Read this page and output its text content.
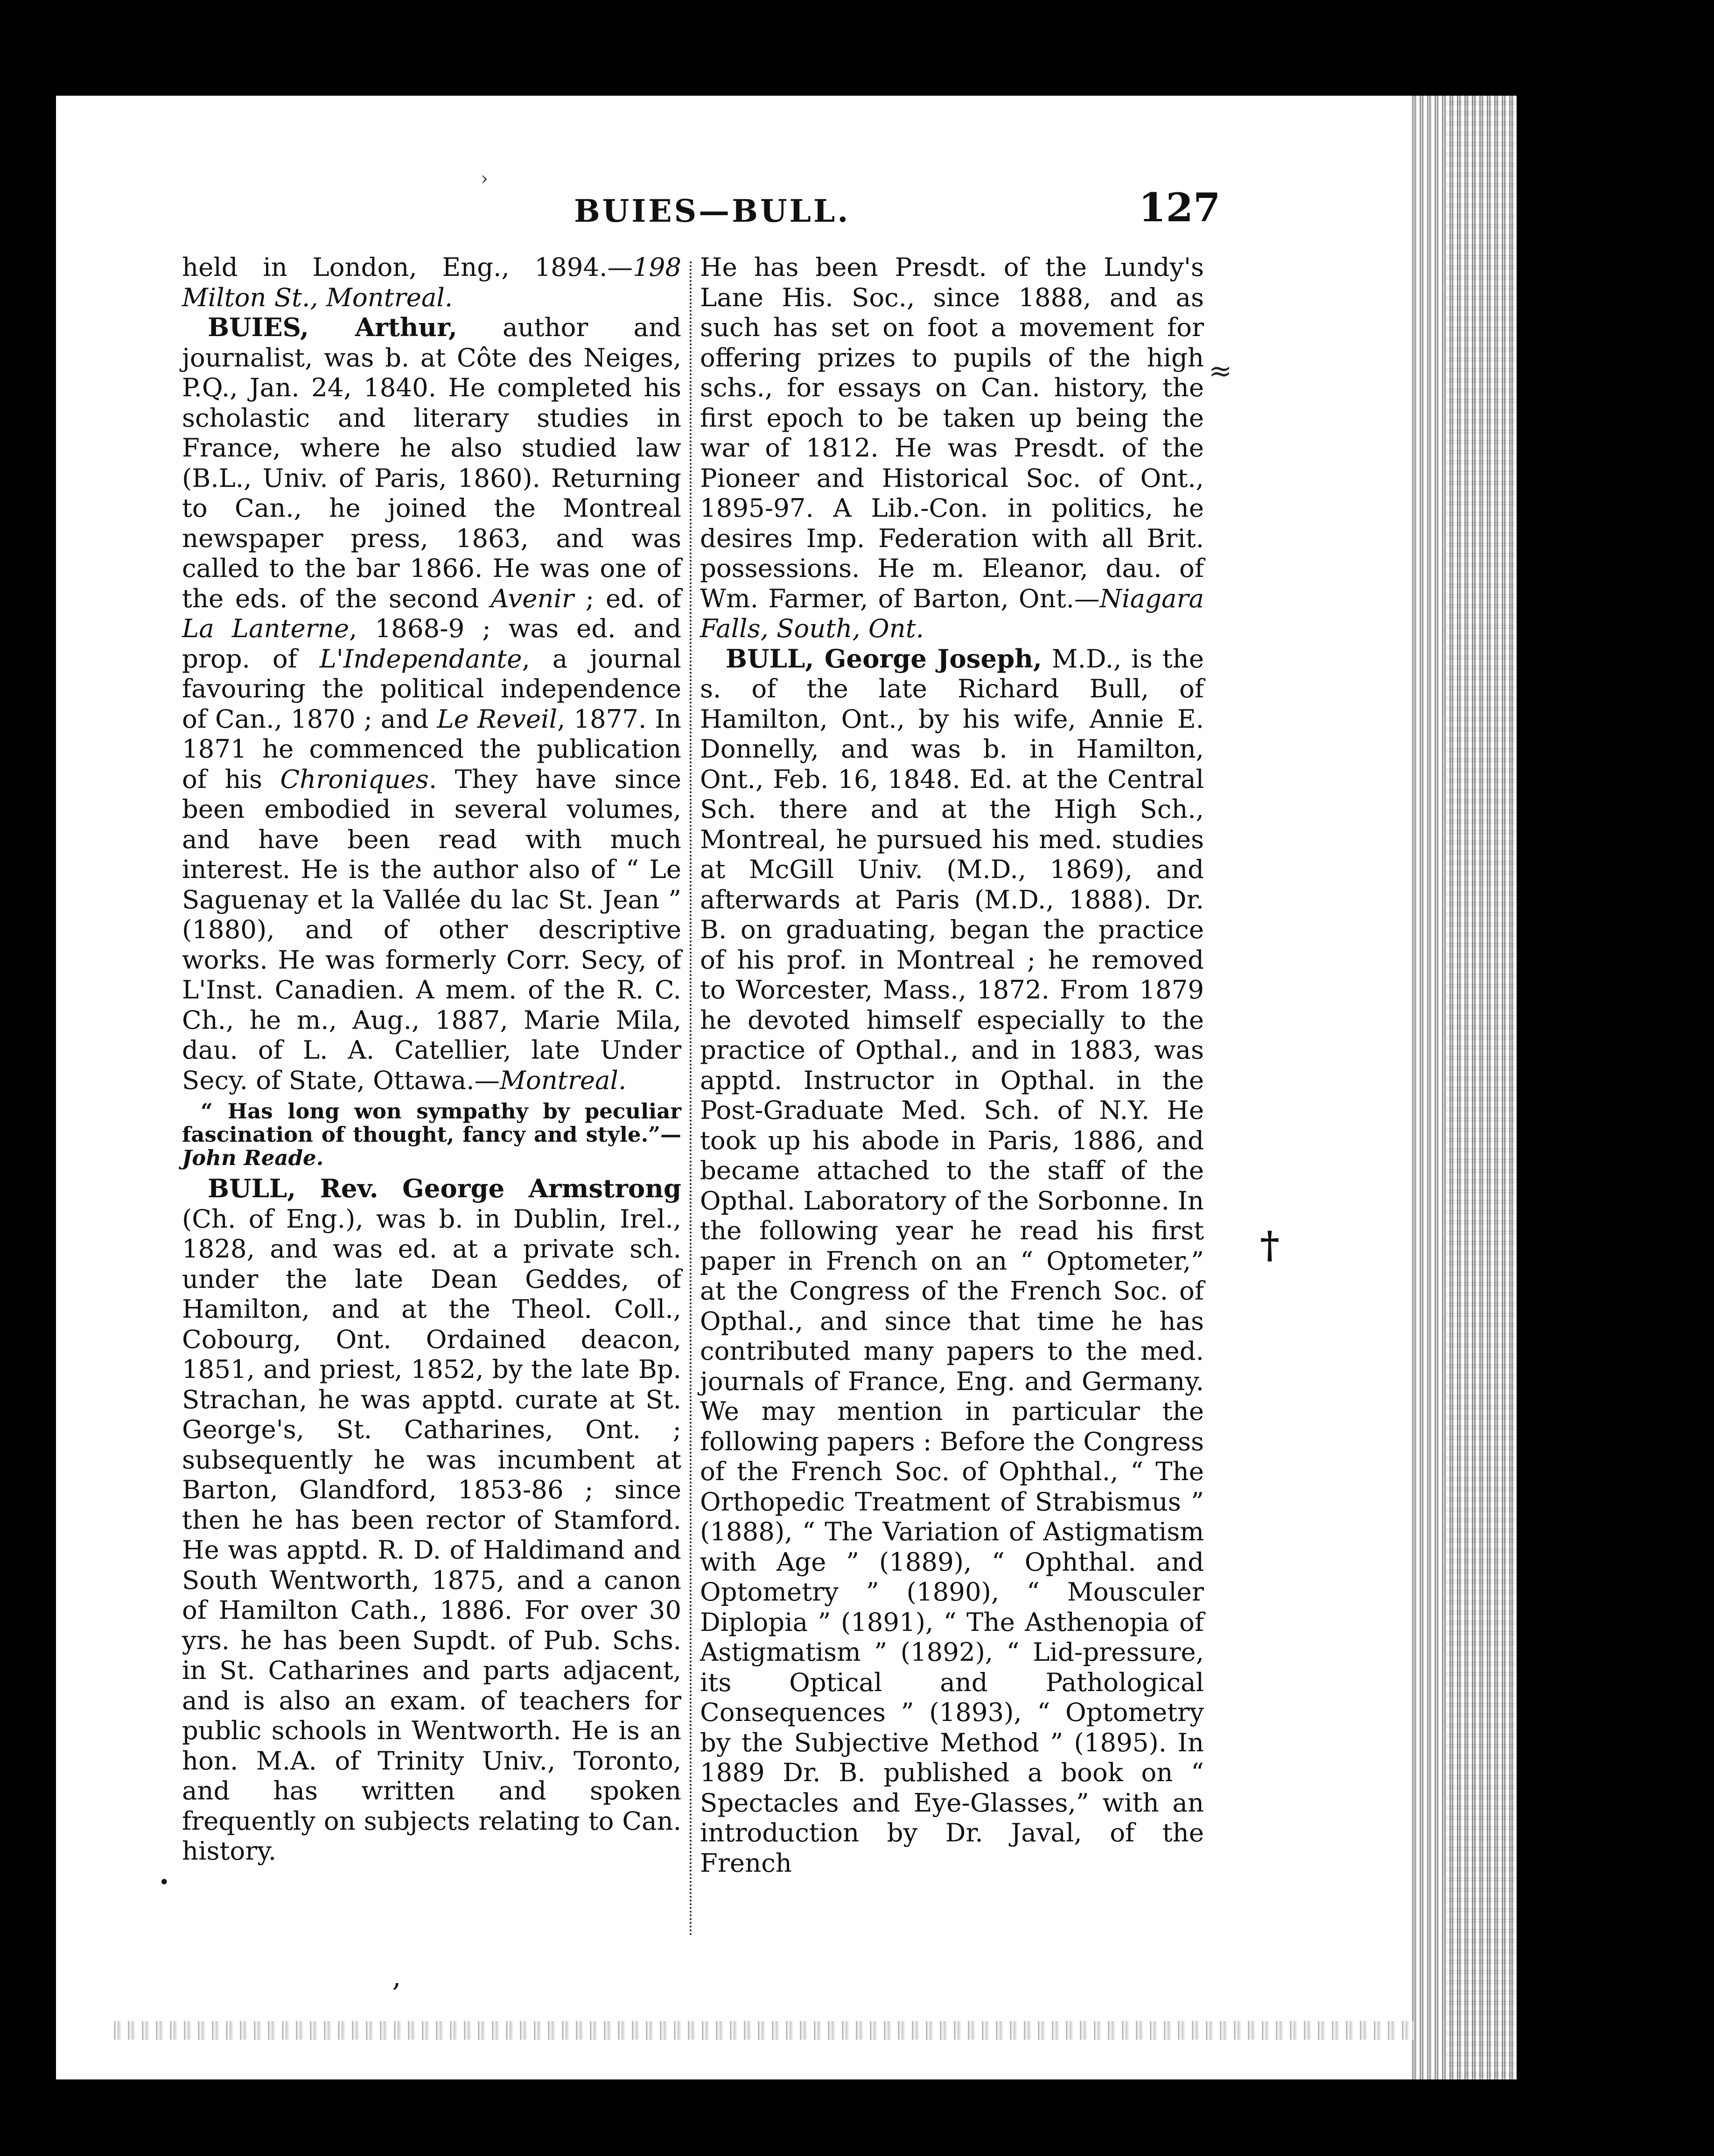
›
≈
†
‚
•
BUIES—BULL.	127

held in London, Eng., 1894.—198 Milton St., Montreal.

BUIES, Arthur, author and journalist, was b. at Côte des Neiges, P.Q., Jan. 24, 1840. He completed his scholastic and literary studies in France, where he also studied law (B.L., Univ. of Paris, 1860). Returning to Can., he joined the Montreal newspaper press, 1863, and was called to the bar 1866. He was one of the eds. of the second Avenir ; ed. of La Lanterne, 1868-9 ; was ed. and prop. of L'Independante, a journal favouring the political independence of Can., 1870 ; and Le Reveil, 1877. In 1871 he commenced the publication of his Chroniques. They have since been embodied in several volumes, and have been read with much interest. He is the author also of “ Le Saguenay et la Vallée du lac St. Jean ” (1880), and of other descriptive works. He was formerly Corr. Secy, of L'Inst. Canadien. A mem. of the R. C. Ch., he m., Aug., 1887, Marie Mila, dau. of L. A. Catellier, late Under Secy. of State, Ottawa.—Montreal.

“ Has long won sympathy by peculiar fascination of thought, fancy and style.”—John Reade.

BULL, Rev. George Armstrong (Ch. of Eng.), was b. in Dublin, Irel., 1828, and was ed. at a private sch. under the late Dean Geddes, of Hamilton, and at the Theol. Coll., Cobourg, Ont. Ordained deacon, 1851, and priest, 1852, by the late Bp. Strachan, he was apptd. curate at St. George's, St. Catharines, Ont. ; subsequently he was incumbent at Barton, Glandford, 1853-86 ; since then he has been rector of Stamford. He was apptd. R. D. of Haldimand and South Wentworth, 1875, and a canon of Hamilton Cath., 1886. For over 30 yrs. he has been Supdt. of Pub. Schs. in St. Catharines and parts adjacent, and is also an exam. of teachers for public schools in Wentworth. He is an hon. M.A. of Trinity Univ., Toronto, and has written and spoken frequently on subjects relating to Can. history.

He has been Presdt. of the Lundy's Lane His. Soc., since 1888, and as such has set on foot a movement for offering prizes to pupils of the high schs., for essays on Can. history, the first epoch to be taken up being the war of 1812. He was Presdt. of the Pioneer and Historical Soc. of Ont., 1895-97. A Lib.-Con. in politics, he desires Imp. Federation with all Brit. possessions. He m. Eleanor, dau. of Wm. Farmer, of Barton, Ont.—Niagara Falls, South, Ont.

BULL, George Joseph, M.D., is the s. of the late Richard Bull, of Hamilton, Ont., by his wife, Annie E. Donnelly, and was b. in Hamilton, Ont., Feb. 16, 1848. Ed. at the Central Sch. there and at the High Sch., Montreal, he pursued his med. studies at McGill Univ. (M.D., 1869), and afterwards at Paris (M.D., 1888). Dr. B. on graduating, began the practice of his prof. in Montreal ; he removed to Worcester, Mass., 1872. From 1879 he devoted himself especially to the practice of Opthal., and in 1883, was apptd. Instructor in Opthal. in the Post-Graduate Med. Sch. of N.Y. He took up his abode in Paris, 1886, and became attached to the staff of the Opthal. Laboratory of the Sorbonne. In the following year he read his first paper in French on an “ Optometer,” at the Congress of the French Soc. of Opthal., and since that time he has contributed many papers to the med. journals of France, Eng. and Germany. We may mention in particular the following papers : Before the Congress of the French Soc. of Ophthal., “ The Orthopedic Treatment of Strabismus ” (1888), “ The Variation of Astigmatism with Age ” (1889), “ Ophthal. and Optometry ” (1890), “ Mousculer Diplopia ” (1891), “ The Asthenopia of Astigmatism ” (1892), “ Lid-pressure, its Optical and Pathological Consequences ” (1893), “ Optometry by the Subjective Method ” (1895). In 1889 Dr. B. published a book on “ Spectacles and Eye-Glasses,” with an introduction by Dr. Javal, of the French
